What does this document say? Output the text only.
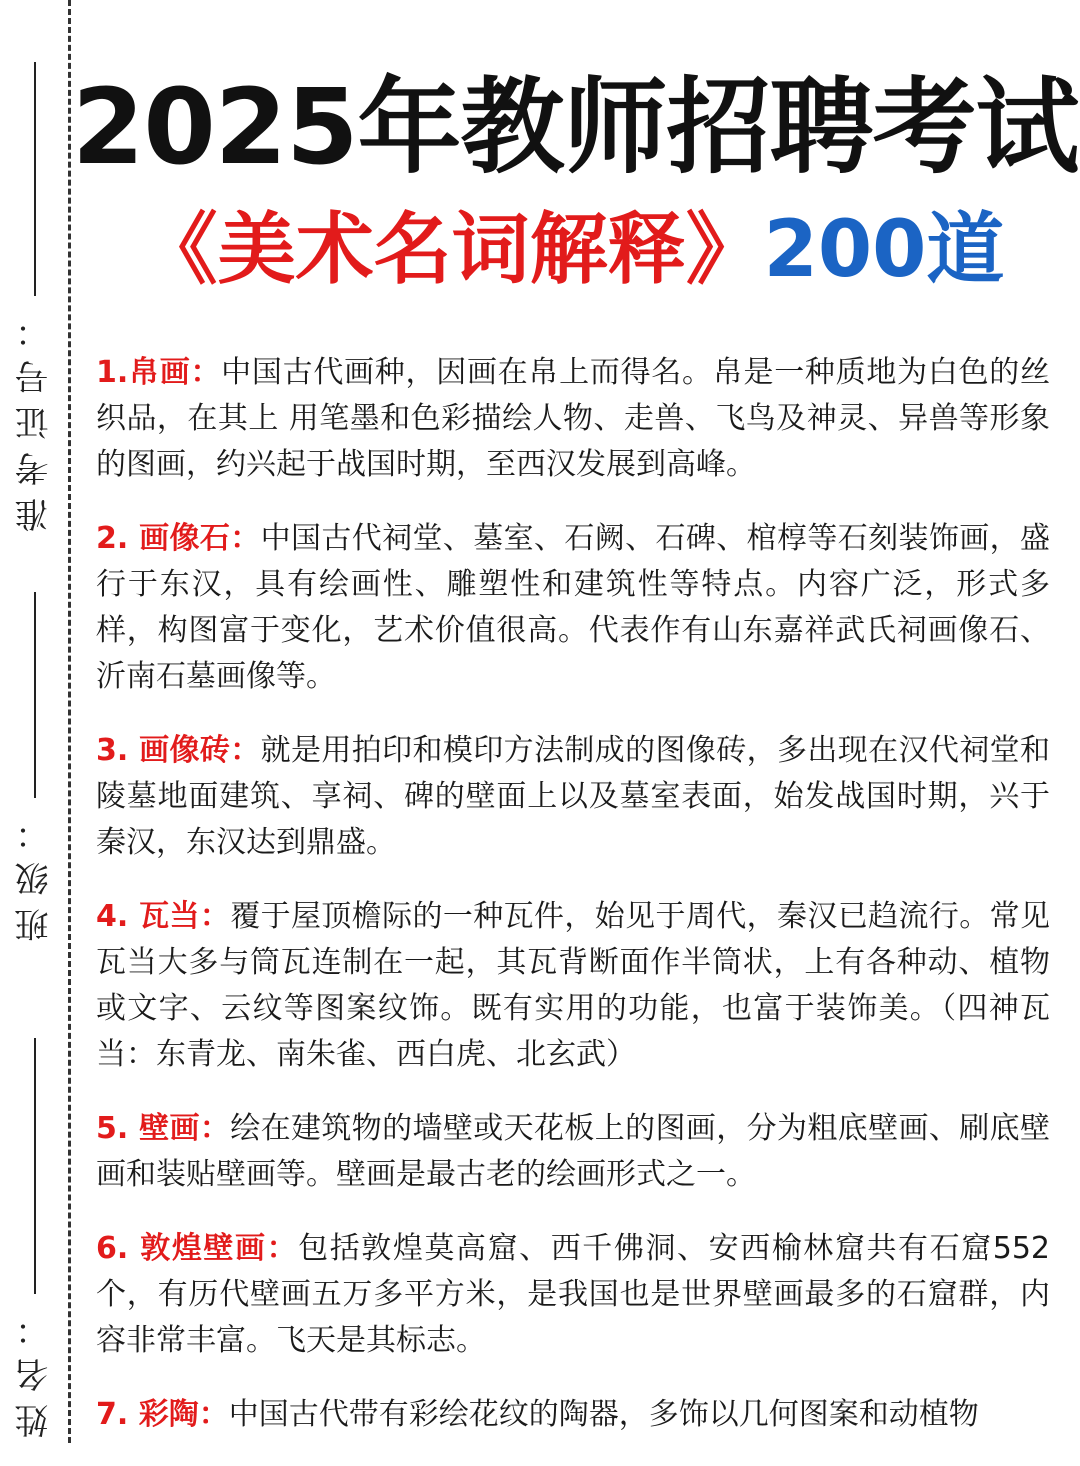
准考证号：
班级：
姓名：
2025年教师招聘考试
《美术名词解释》200道

1.帛画：中国古代画种，因画在帛上而得名。帛是一种质地为白色的丝织品，在其上 用笔墨和色彩描绘人物、走兽、飞鸟及神灵、异兽等形象的图画，约兴起于战国时期，至西汉发展到高峰。

2. 画像石：中国古代祠堂、墓室、石阙、石碑、棺椁等石刻装饰画，盛行于东汉，具有绘画性、雕塑性和建筑性等特点。内容广泛，形式多样，构图富于变化，艺术价值很高。代表作有山东嘉祥武氏祠画像石、沂南石墓画像等。

3. 画像砖：就是用拍印和模印方法制成的图像砖，多出现在汉代祠堂和陵墓地面建筑、享祠、碑的壁面上以及墓室表面，始发战国时期，兴于秦汉，东汉达到鼎盛。

4. 瓦当：覆于屋顶檐际的一种瓦件，始见于周代，秦汉已趋流行。常见瓦当大多与筒瓦连制在一起，其瓦背断面作半筒状，上有各种动、植物或文字、云纹等图案纹饰。既有实用的功能，也富于装饰美。（四神瓦当：东青龙、南朱雀、西白虎、北玄武）

5. 壁画：绘在建筑物的墙壁或天花板上的图画，分为粗底壁画、刷底壁画和装贴壁画等。壁画是最古老的绘画形式之一。

6. 敦煌壁画：包括敦煌莫高窟、西千佛洞、安西榆林窟共有石窟552 个，有历代壁画五万多平方米，是我国也是世界壁画最多的石窟群，内容非常丰富。飞天是其标志。

7. 彩陶：中国古代带有彩绘花纹的陶器，多饰以几何图案和动植物
